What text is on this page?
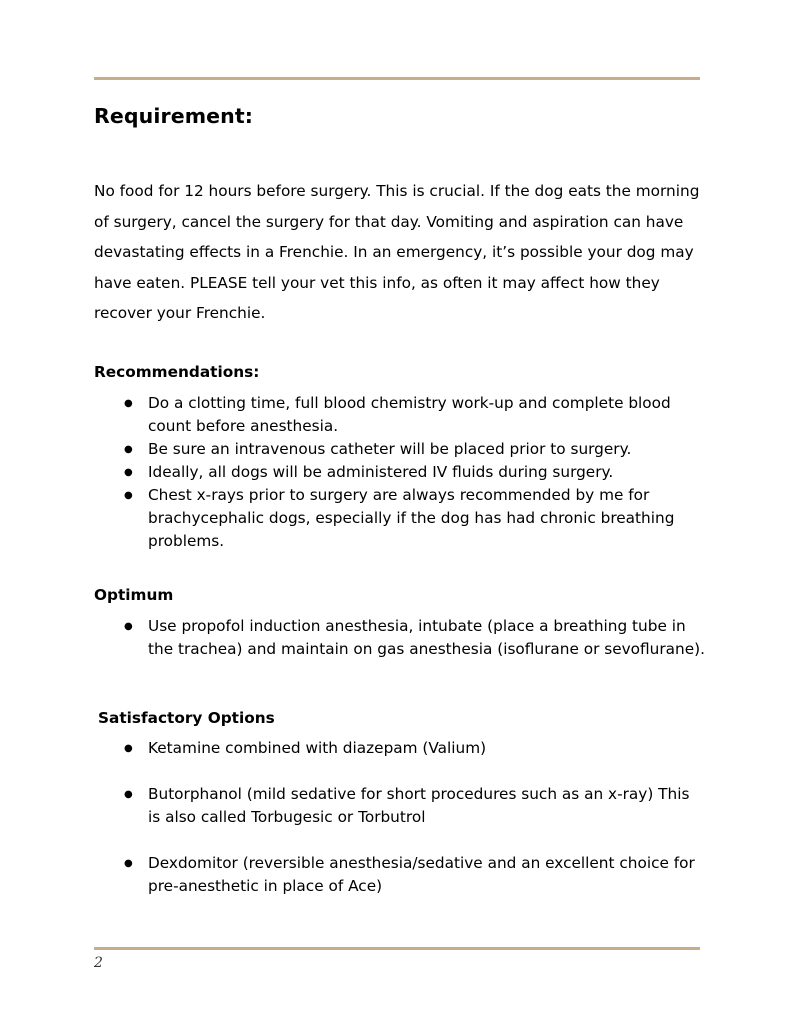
Requirement:

No food for 12 hours before surgery. This is crucial. If the dog eats the morning of surgery, cancel the surgery for that day. Vomiting and aspiration can have devastating effects in a Frenchie. In an emergency, it’s possible your dog may have eaten. PLEASE tell your vet this info, as often it may affect how they recover your Frenchie.

Recommendations:
● Do a clotting time, full blood chemistry work-up and complete blood count before anesthesia.
● Be sure an intravenous catheter will be placed prior to surgery.
● Ideally, all dogs will be administered IV fluids during surgery.
● Chest x-rays prior to surgery are always recommended by me for brachycephalic dogs, especially if the dog has had chronic breathing problems.
Optimum
● Use propofol induction anesthesia, intubate (place a breathing tube in the trachea) and maintain on gas anesthesia (isoflurane or sevoflurane).
Satisfactory Options
● Ketamine combined with diazepam (Valium)
● Butorphanol (mild sedative for short procedures such as an x-ray) This is also called Torbugesic or Torbutrol
● Dexdomitor (reversible anesthesia/sedative and an excellent choice for pre-anesthetic in place of Ace)
2
